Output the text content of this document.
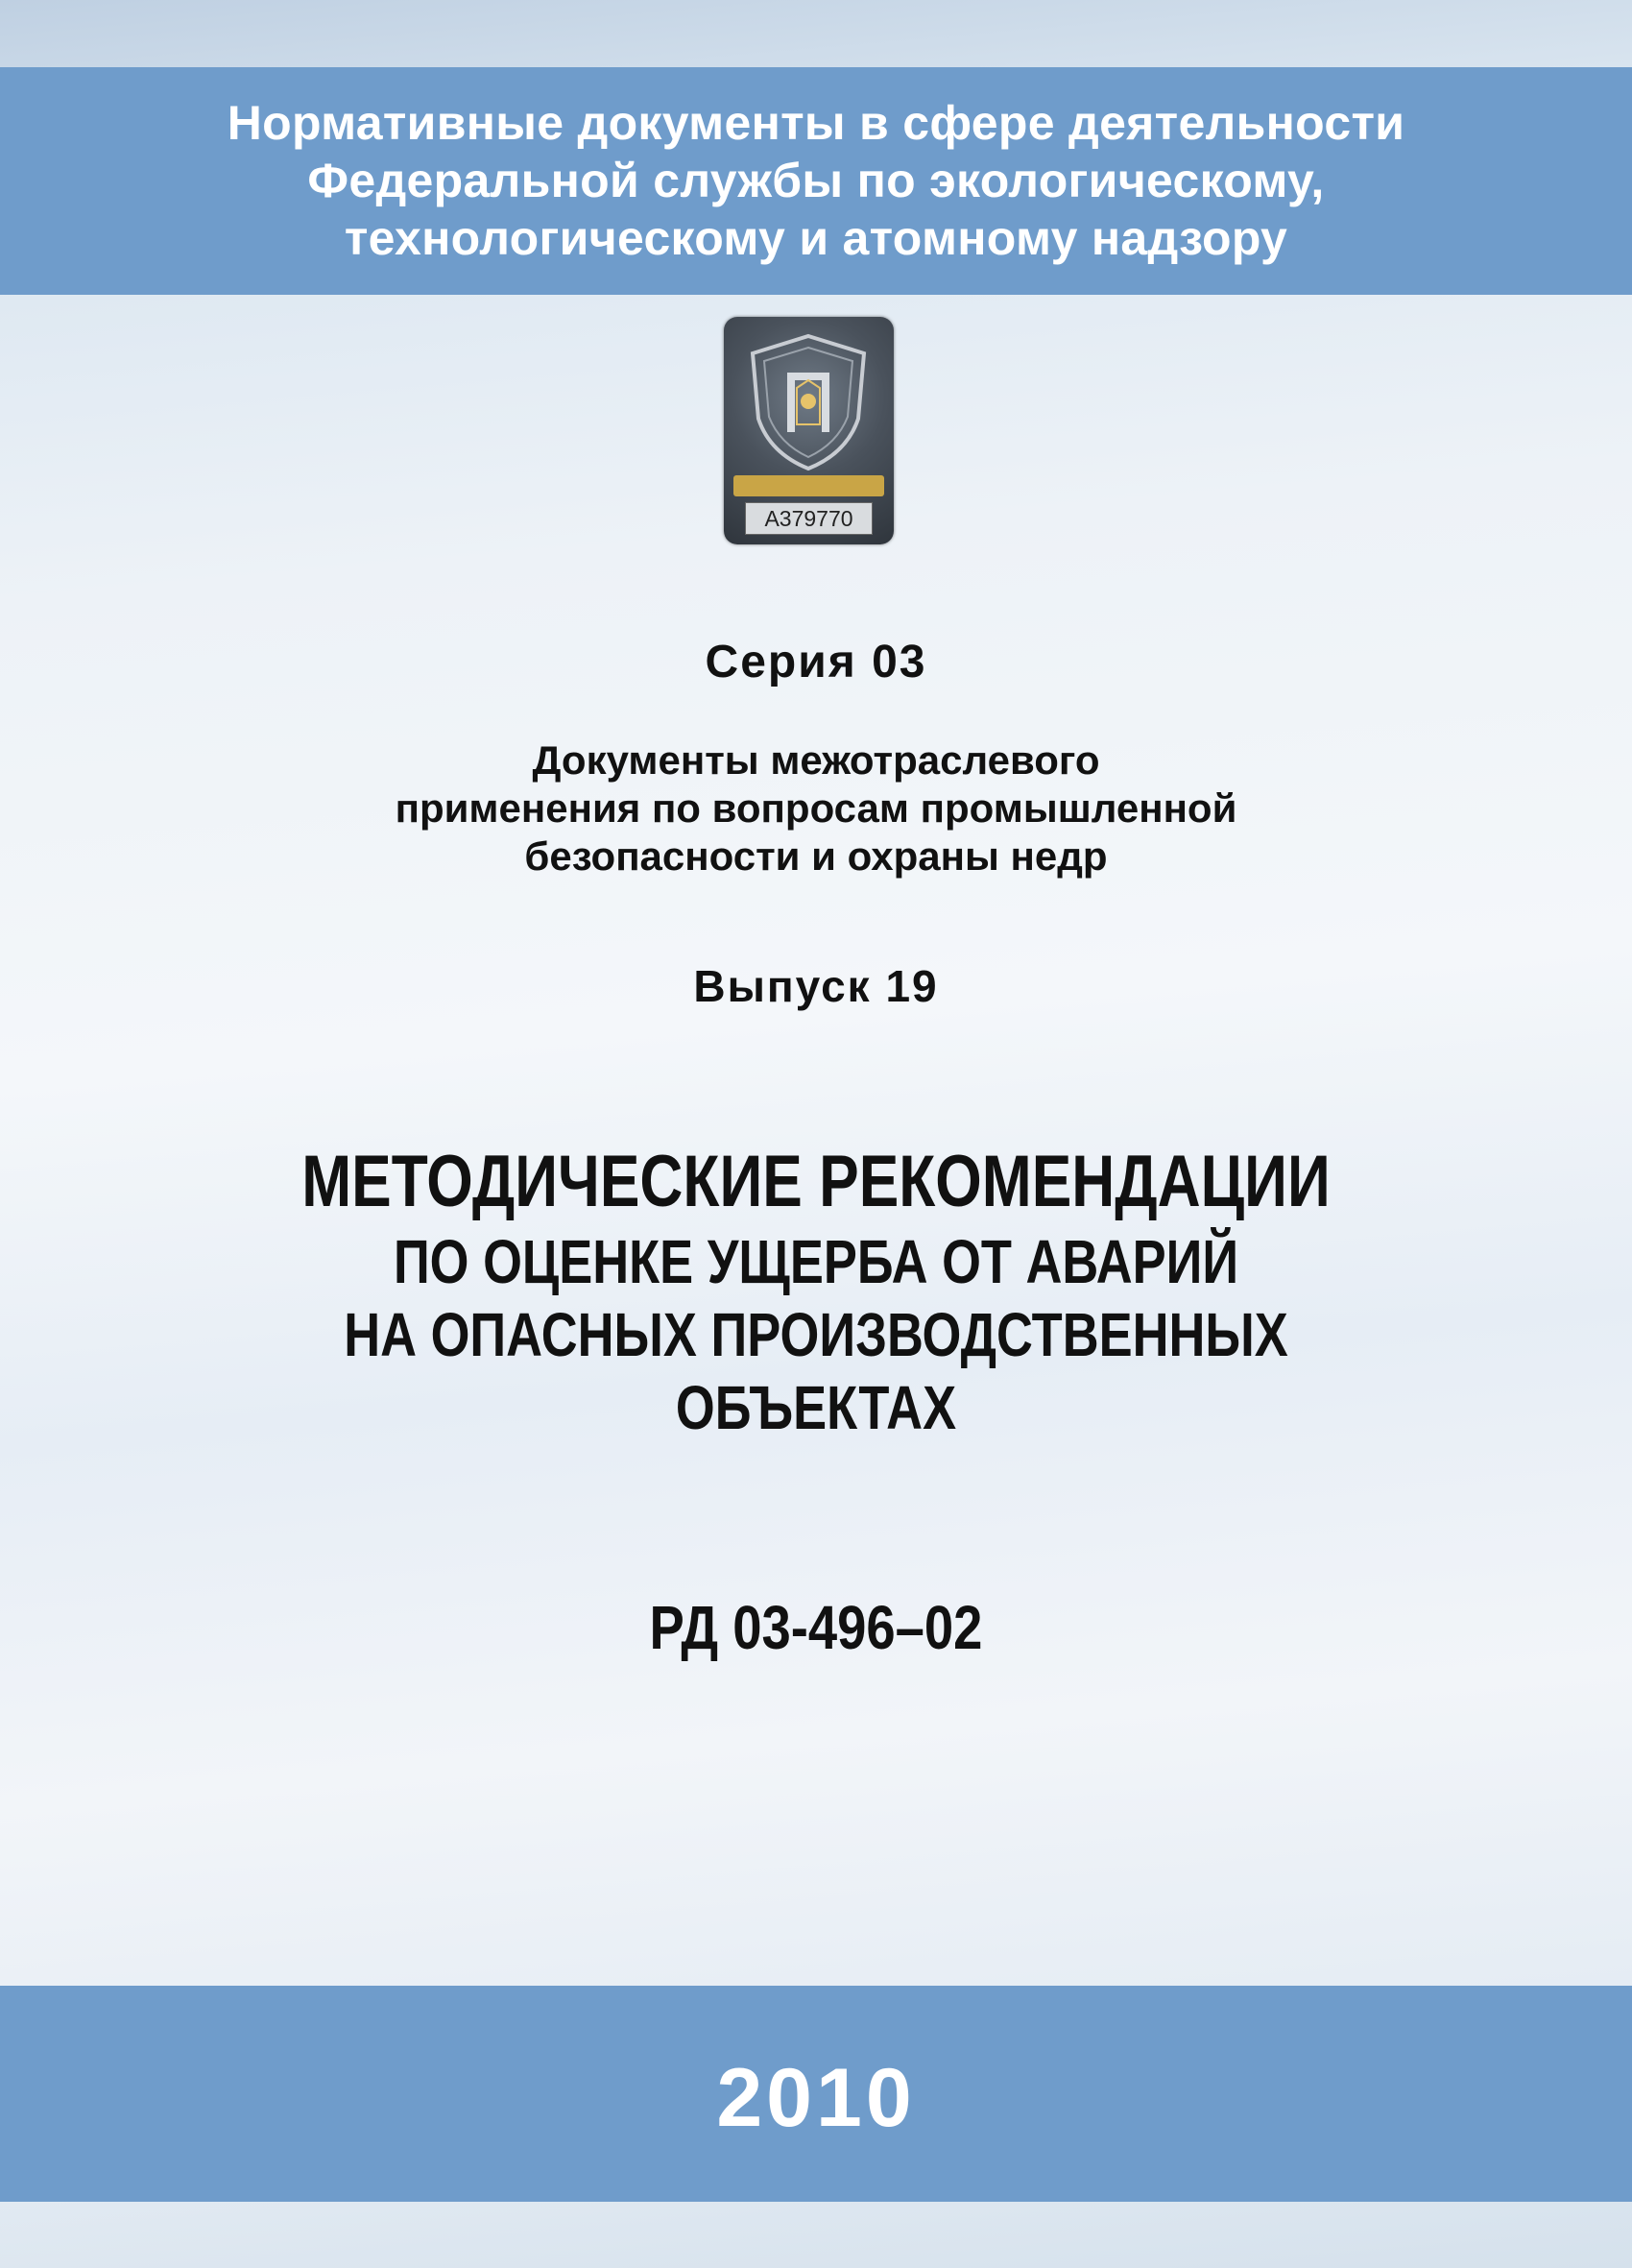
Нормативные документы в сфере деятельности
Федеральной службы по экологическому,
технологическому и атомному надзору
А379770
Серия 03
Документы межотраслевого
применения по вопросам промышленной
безопасности и охраны недр
Выпуск 19
МЕТОДИЧЕСКИЕ РЕКОМЕНДАЦИИ
ПО ОЦЕНКЕ УЩЕРБА ОТ АВАРИЙ
НА ОПАСНЫХ ПРОИЗВОДСТВЕННЫХ
ОБЪЕКТАХ
РД 03-496–02
2010
